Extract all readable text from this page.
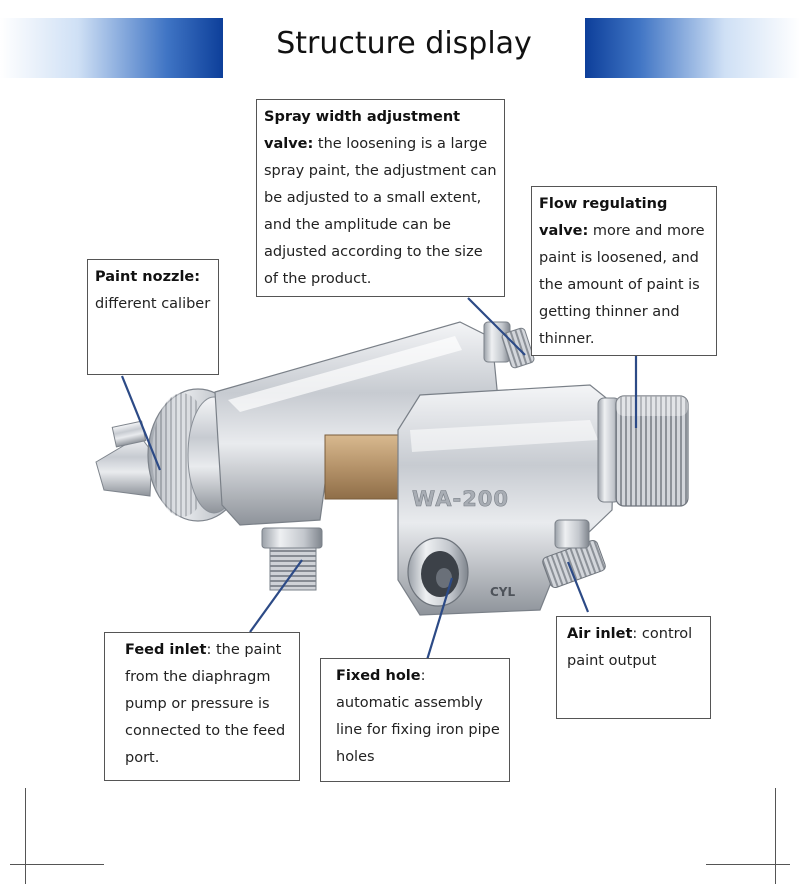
Structure display
WA-200
CYL
Spray width adjustment valve: the loosening is a large spray paint, the adjustment can be adjusted to a small extent, and the amplitude can be adjusted according to the size of the product.
Flow regulating valve: more and more paint is loosened, and the amount of paint is getting thinner and thinner.
Paint nozzle: different caliber
Feed inlet: the paint from the diaphragm pump or pressure is connected to the feed port.
Fixed hole: automatic assembly line for fixing iron pipe holes
Air inlet: control paint output
